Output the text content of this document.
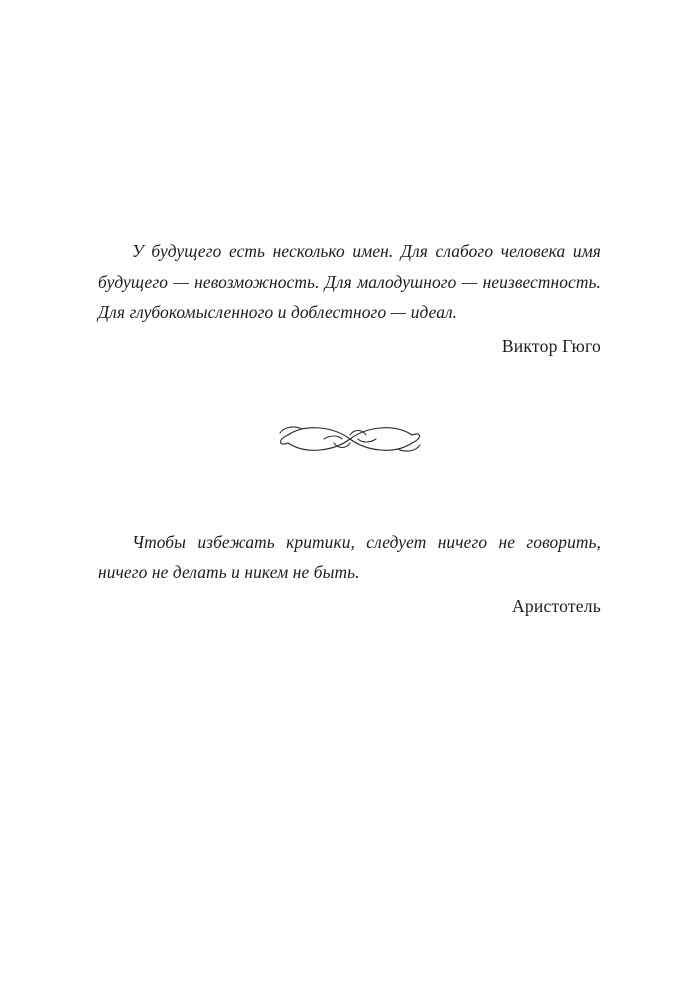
У будущего есть несколько имен. Для слабого человека имя будущего — невозможность. Для малодушного — неизвестность. Для глубокомысленного и доблестного — идеал.

Виктор Гюго

Чтобы избежать критики, следует ничего не говорить, ничего не делать и никем не быть.

Аристотель
